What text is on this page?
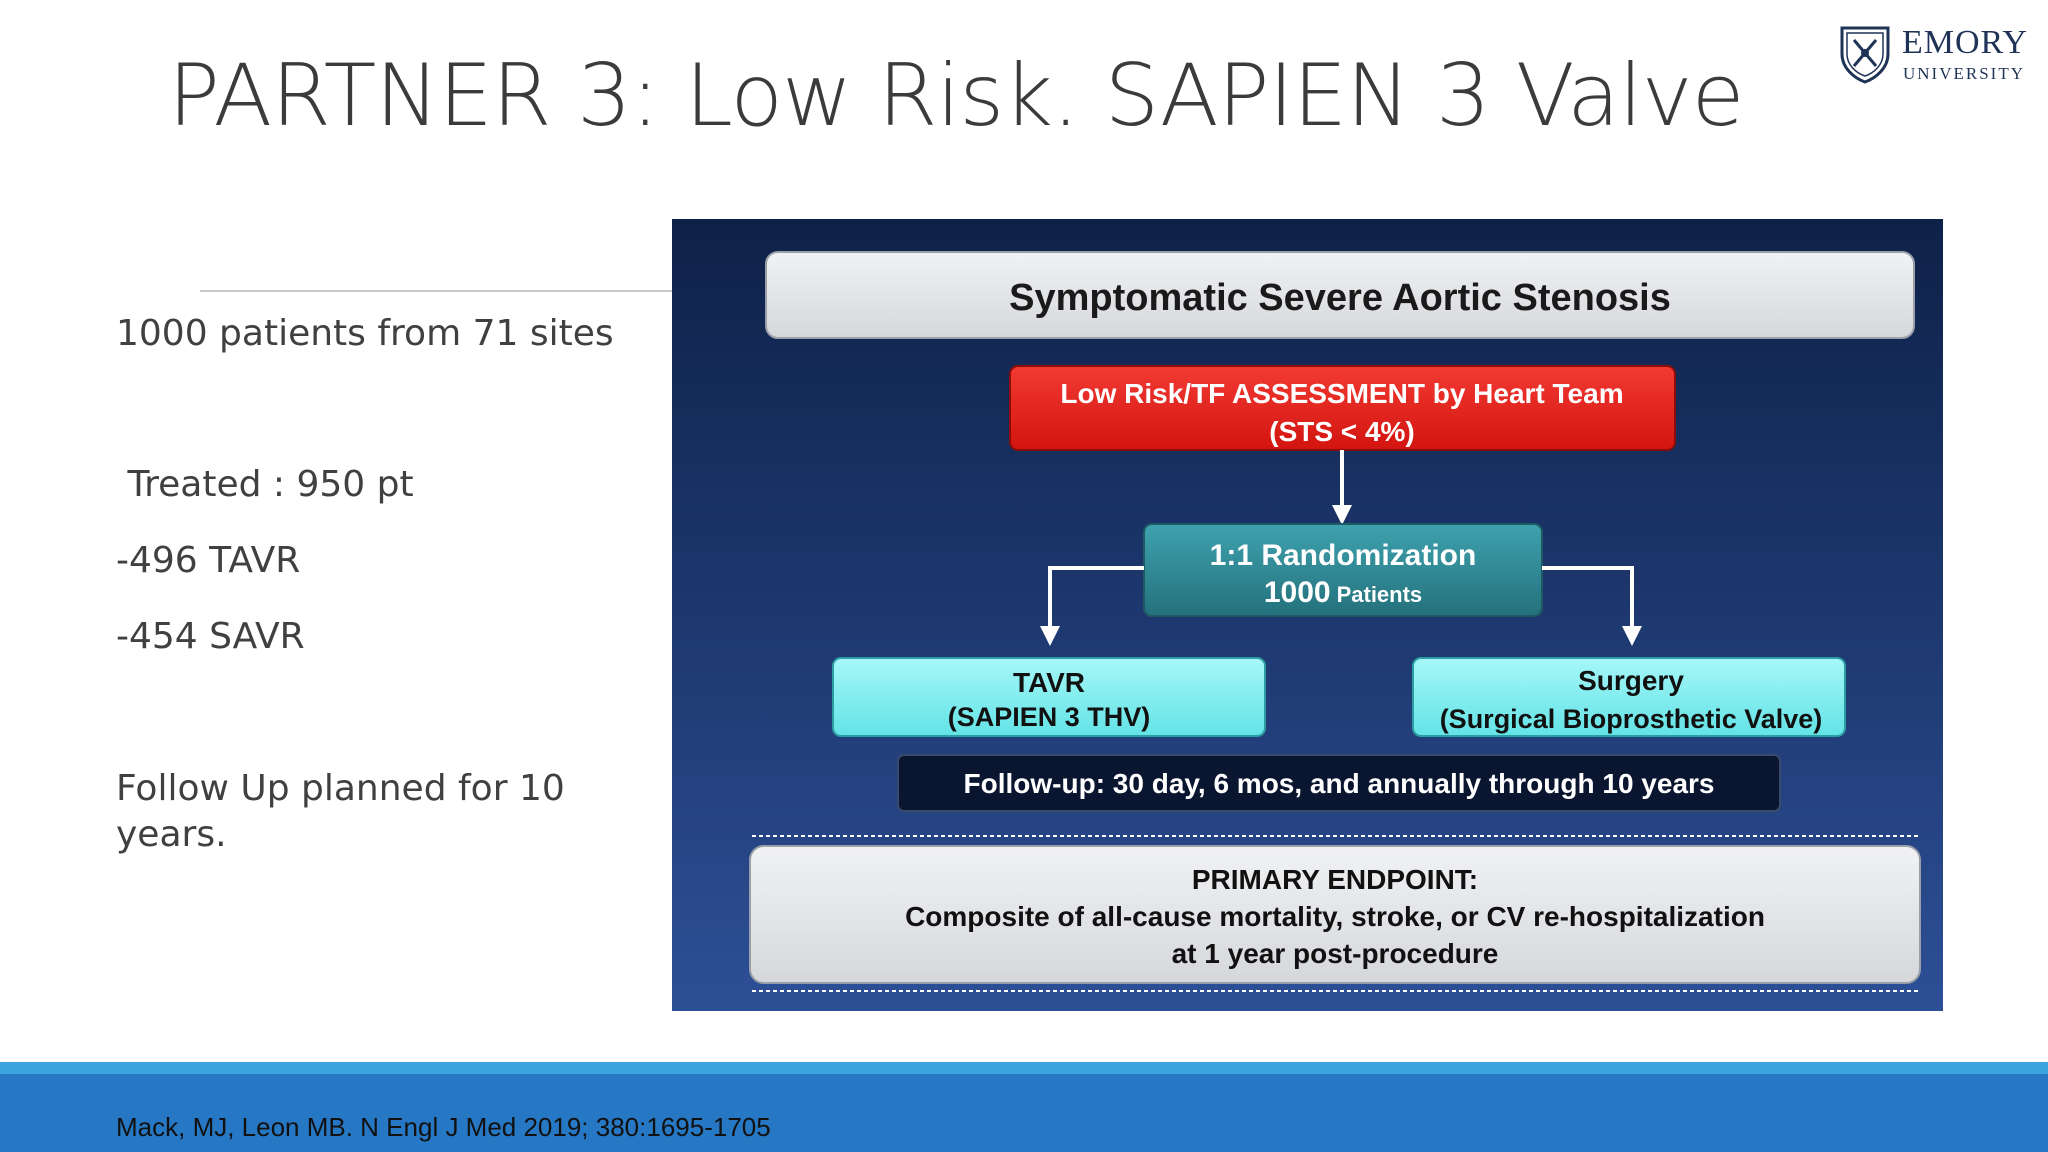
PARTNER 3: Low Risk. SAPIEN 3 Valve
EMORY
UNIVERSITY
1000 patients from 71 sites
Treated : 950 pt
-496 TAVR
-454 SAVR
Follow Up planned for 10 years.
Symptomatic Severe Aortic Stenosis
Low Risk/TF ASSESSMENT by Heart Team
(STS < 4%)
1:1 Randomization
1000 Patients
TAVR
(SAPIEN 3 THV)
Surgery
(Surgical Bioprosthetic Valve)
Follow-up: 30 day, 6 mos, and annually through 10 years
PRIMARY ENDPOINT:
Composite of all-cause mortality, stroke, or CV re-hospitalization
at 1 year post-procedure
Mack, MJ, Leon MB. N Engl J Med 2019; 380:1695-1705
